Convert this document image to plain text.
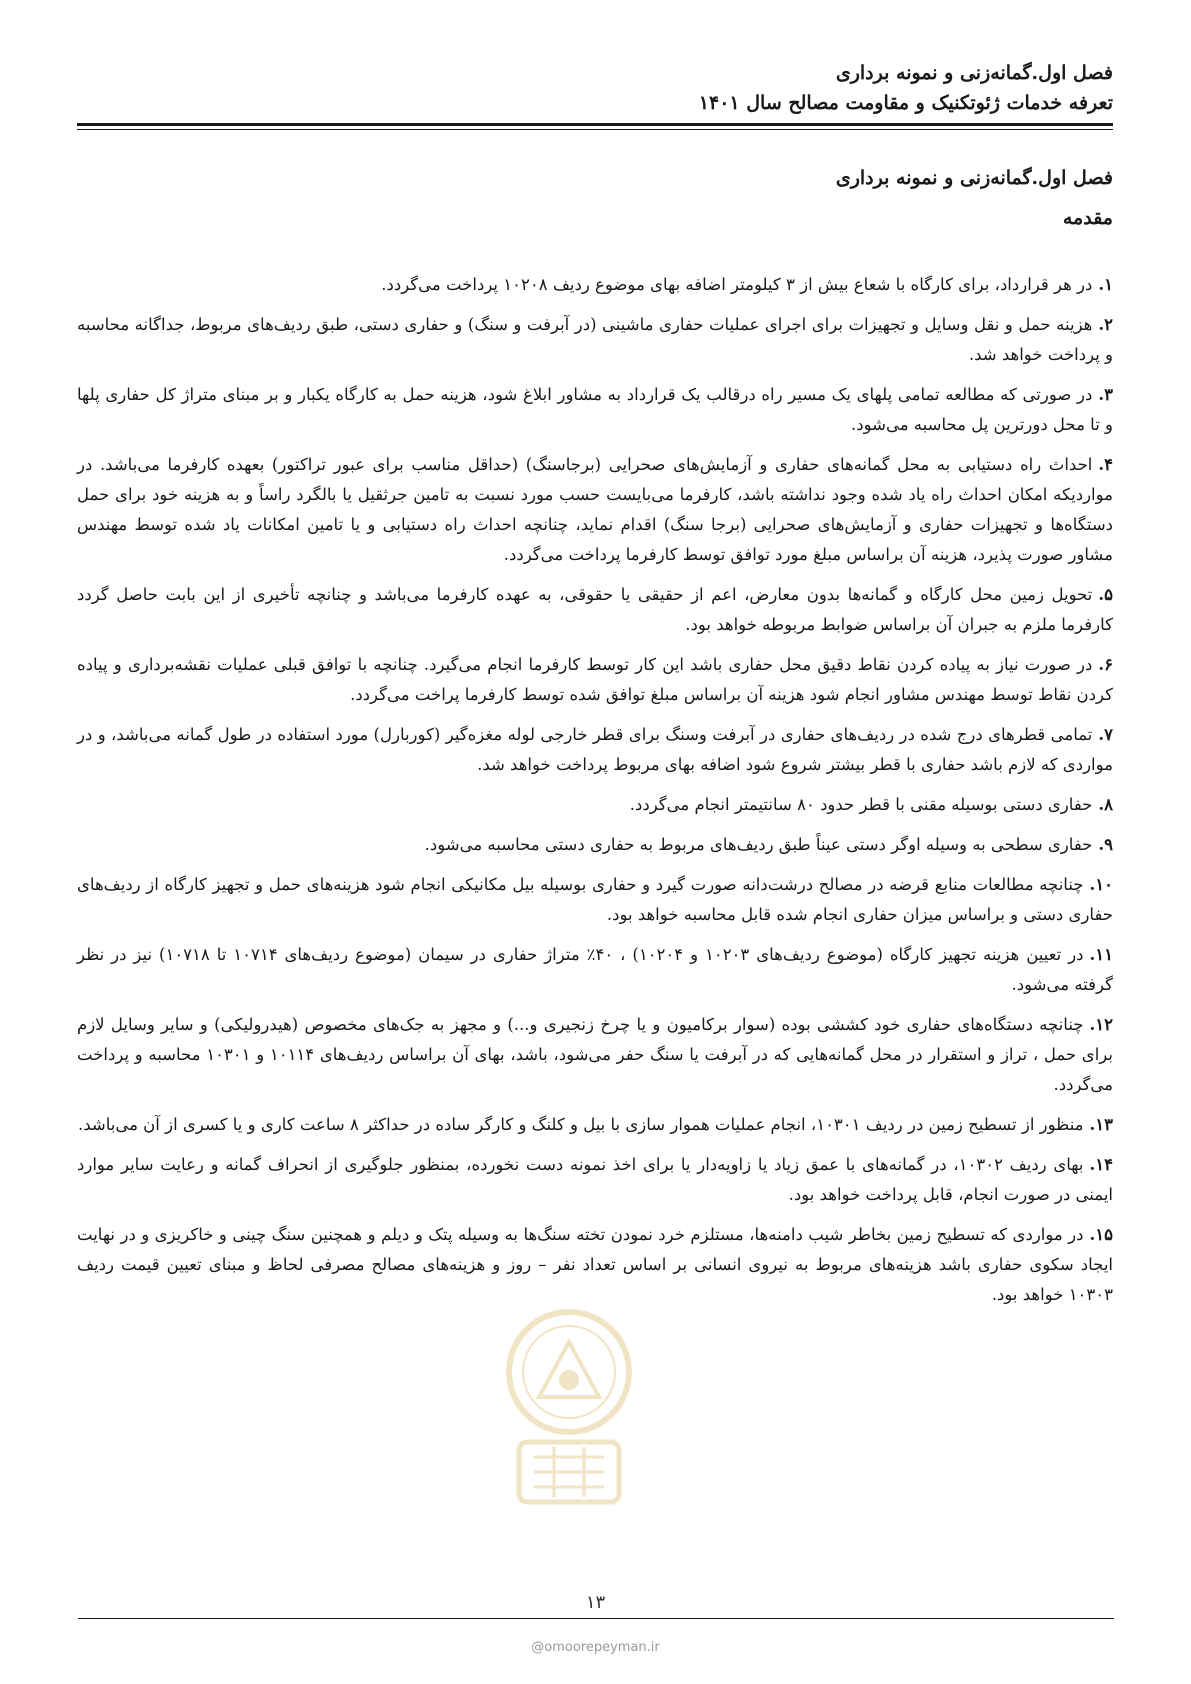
فصل اول.گمانه‌زنی و نمونه برداری
تعرفه خدمات ژئوتکنیک و مقاومت مصالح سال ۱۴۰۱
فصل اول.گمانه‌زنی و نمونه برداری
مقدمه

۱.در هر قرارداد، برای کارگاه با شعاع بیش از ۳ کیلومتر اضافه بهای موضوع ردیف ۱۰۲۰۸ پرداخت می‌گردد.

۲.هزینه حمل و نقل وسایل و تجهیزات برای اجرای عملیات حفاری ماشینی (در آبرفت و سنگ) و حفاری دستی، طبق ردیف‌های مربوط، جداگانه محاسبه و پرداخت خواهد شد.

۳.در صورتی که مطالعه تمامی پلهای یک مسیر راه درقالب یک قرارداد به مشاور ابلاغ شود، هزینه حمل به کارگاه یکبار و بر مبنای متراژ کل حفاری پلها و تا محل دورترین پل محاسبه می‌شود.

۴.احداث راه دستیابی به محل گمانه‌های حفاری و آزمایش‌های صحرایی (برجاسنگ) (حداقل مناسب برای عبور تراکتور) بعهده کارفرما می‌باشد. در مواردیکه امکان احداث راه یاد شده وجود نداشته باشد، کارفرما می‌بایست حسب مورد نسبت به تامین جرثقیل یا بالگرد راساً و به هزینه خود برای حمل دستگاه‌ها و تجهیزات حفاری و آزمایش‌های صحرایی (برجا سنگ) اقدام نماید، چنانچه احداث راه دستیابی و یا تامین امکانات یاد شده توسط مهندس مشاور صورت پذیرد، هزینه آن براساس مبلغ مورد توافق توسط کارفرما پرداخت می‌گردد.

۵.تحویل زمین محل کارگاه و گمانه‌ها بدون معارض، اعم از حقیقی یا حقوقی، به عهده کارفرما می‌باشد و چنانچه تأخیری از این بابت حاصل گردد کارفرما ملزم به جبران آن براساس ضوابط مربوطه خواهد بود.

۶.در صورت نیاز به پیاده کردن نقاط دقیق محل حفاری باشد این کار توسط کارفرما انجام می‌گیرد. چنانچه با توافق قبلی عملیات نقشه‌برداری و پیاده کردن نقاط توسط مهندس مشاور انجام شود هزینه آن براساس مبلغ توافق شده توسط کارفرما پراخت می‌گردد.

۷.تمامی قطرهای درج شده در ردیف‌های حفاری در آبرفت وسنگ برای قطر خارجی لوله مغزه‌گیر (کوربارل) مورد استفاده در طول گمانه می‌باشد، و در مواردی که لازم باشد حفاری با قطر بیشتر شروع شود اضافه بهای مربوط پرداخت خواهد شد.

۸.حفاری دستی بوسیله مقنی با قطر حدود ۸۰ سانتیمتر انجام می‌گردد.

۹.حفاری سطحی به وسیله اوگر دستی عیناً طبق ردیف‌های مربوط به حفاری دستی محاسبه می‌شود.

۱۰.چنانچه مطالعات منابع قرضه در مصالح درشت‌دانه صورت گیرد و حفاری بوسیله بیل مکانیکی انجام شود هزینه‌های حمل و تجهیز کارگاه از ردیف‌های حفاری دستی و براساس میزان حفاری انجام شده قابل محاسبه خواهد بود.

۱۱.در تعیین هزینه تجهیز کارگاه (موضوع ردیف‌های ۱۰۲۰۳ و ۱۰۲۰۴) ، ۴۰٪ متراژ حفاری در سیمان (موضوع ردیف‌های ۱۰۷۱۴ تا ۱۰۷۱۸) نیز در نظر گرفته می‌شود.

۱۲.چنانچه دستگاه‌های حفاری خود کششی بوده (سوار برکامیون و یا چرخ زنجیری و...) و مجهز به جک‌های مخصوص (هیدرولیکی) و سایر وسایل لازم برای حمل ، تراز و استقرار در محل گمانه‌هایی که در آبرفت یا سنگ حفر می‌شود، باشد، بهای آن براساس ردیف‌های ۱۰۱۱۴ و ۱۰۳۰۱ محاسبه و پرداخت می‌گردد.

۱۳.منظور از تسطیح زمین در ردیف ۱۰۳۰۱، انجام عملیات هموار سازی با بیل و کلنگ و کارگر ساده در حداکثر ۸ ساعت کاری و یا کسری از آن می‌باشد.

۱۴.بهای ردیف ۱۰۳۰۲، در گمانه‌های با عمق زیاد یا زاویه‌دار یا برای اخذ نمونه دست نخورده، بمنظور جلوگیری از انحراف گمانه و رعایت سایر موارد ایمنی در صورت انجام، قابل پرداخت خواهد بود.

۱۵.در مواردی که تسطیح زمین بخاطر شیب دامنه‌ها، مستلزم خرد نمودن تخته سنگ‌ها به وسیله پتک و دیلم و همچنین سنگ چینی و خاکریزی و در نهایت ایجاد سکوی حفاری باشد هزینه‌های مربوط به نیروی انسانی بر اساس تعداد نفر – روز و هزینه‌های مصالح مصرفی لحاظ و مبنای تعیین قیمت ردیف ۱۰۳۰۳ خواهد بود.

۱۳
@omoorepeyman.ir
